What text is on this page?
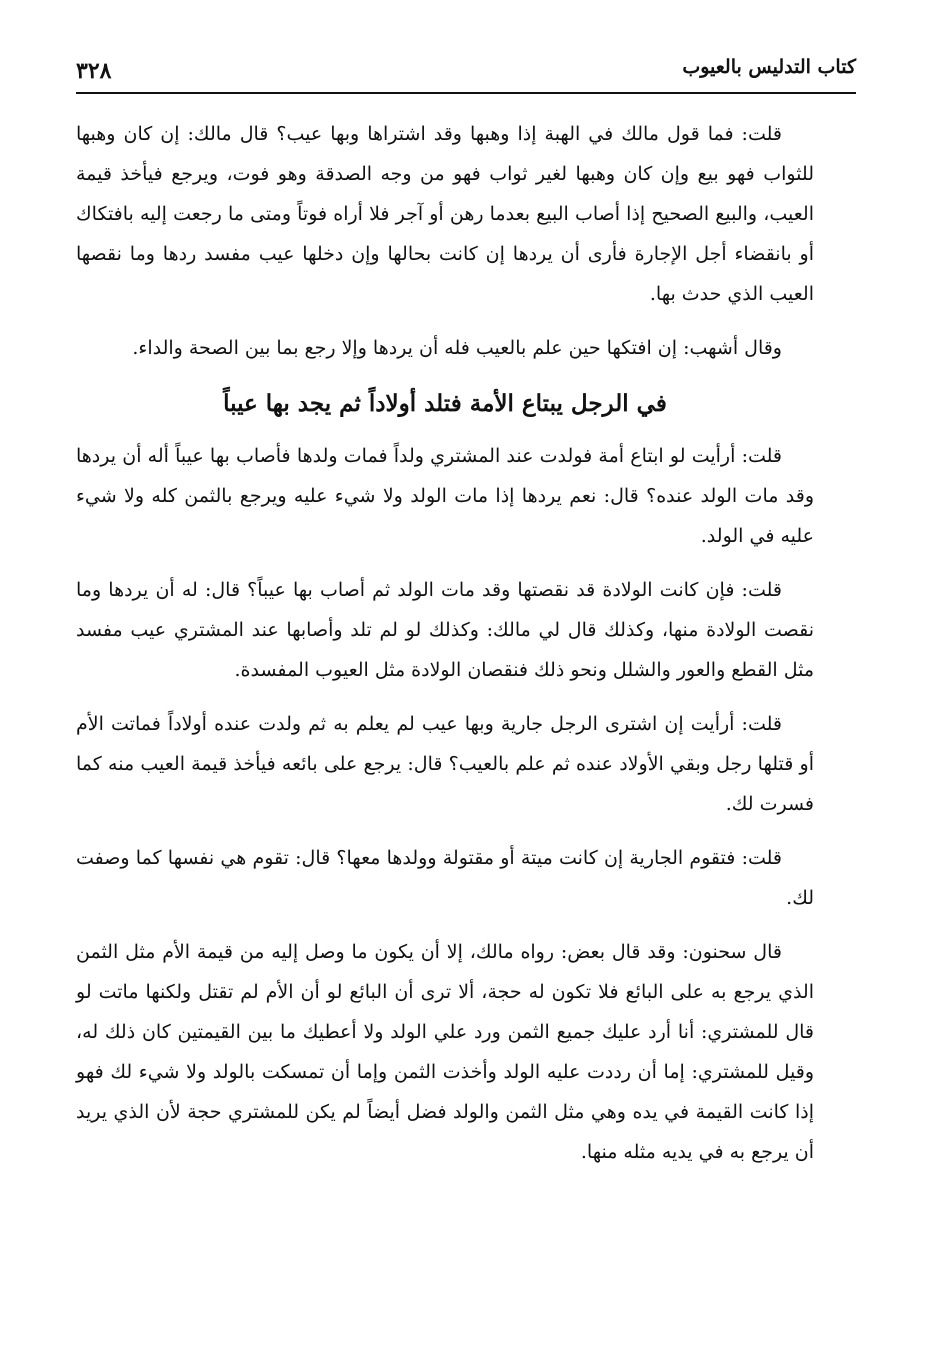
كتاب التدليس بالعيوب
٣٢٨

قلت: فما قول مالك في الهبة إذا وهبها وقد اشتراها وبها عيب؟ قال مالك: إن كان وهبها للثواب فهو بيع وإن كان وهبها لغير ثواب فهو من وجه الصدقة وهو فوت، ويرجع فيأخذ قيمة العيب، والبيع الصحيح إذا أصاب البيع بعدما رهن أو آجر فلا أراه فوتاً ومتى ما رجعت إليه بافتكاك أو بانقضاء أجل الإجارة فأرى أن يردها إن كانت بحالها وإن دخلها عيب مفسد ردها وما نقصها العيب الذي حدث بها.

وقال أشهب: إن افتكها حين علم بالعيب فله أن يردها وإلا رجع بما بين الصحة والداء.

في الرجل يبتاع الأمة فتلد أولاداً ثم يجد بها عيباً

قلت: أرأيت لو ابتاع أمة فولدت عند المشتري ولداً فمات ولدها فأصاب بها عيباً أله أن يردها وقد مات الولد عنده؟ قال: نعم يردها إذا مات الولد ولا شيء عليه ويرجع بالثمن كله ولا شيء عليه في الولد.

قلت: فإن كانت الولادة قد نقصتها وقد مات الولد ثم أصاب بها عيباً؟ قال: له أن يردها وما نقصت الولادة منها، وكذلك قال لي مالك: وكذلك لو لم تلد وأصابها عند المشتري عيب مفسد مثل القطع والعور والشلل ونحو ذلك فنقصان الولادة مثل العيوب المفسدة.

قلت: أرأيت إن اشترى الرجل جارية وبها عيب لم يعلم به ثم ولدت عنده أولاداً فماتت الأم أو قتلها رجل وبقي الأولاد عنده ثم علم بالعيب؟ قال: يرجع على بائعه فيأخذ قيمة العيب منه كما فسرت لك.

قلت: فتقوم الجارية إن كانت ميتة أو مقتولة وولدها معها؟ قال: تقوم هي نفسها كما وصفت لك.

قال سحنون: وقد قال بعض: رواه مالك، إلا أن يكون ما وصل إليه من قيمة الأم مثل الثمن الذي يرجع به على البائع فلا تكون له حجة، ألا ترى أن البائع لو أن الأم لم تقتل ولكنها ماتت لو قال للمشتري: أنا أرد عليك جميع الثمن ورد علي الولد ولا أعطيك ما بين القيمتين كان ذلك له، وقيل للمشتري: إما أن رددت عليه الولد وأخذت الثمن وإما أن تمسكت بالولد ولا شيء لك فهو إذا كانت القيمة في يده وهي مثل الثمن والولد فضل أيضاً لم يكن للمشتري حجة لأن الذي يريد أن يرجع به في يديه مثله منها.
